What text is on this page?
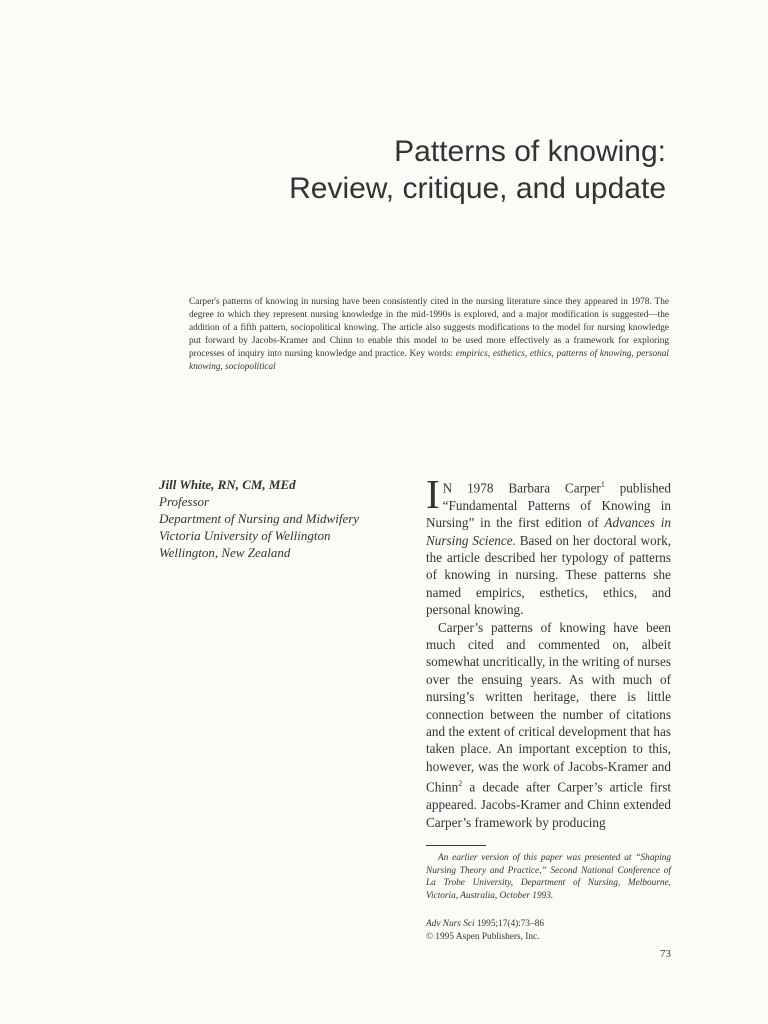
Patterns of knowing:
Review, critique, and update
Carper's patterns of knowing in nursing have been consistently cited in the nursing literature since they appeared in 1978. The degree to which they represent nursing knowledge in the mid-1990s is explored, and a major modification is suggested—the addition of a fifth pattern, sociopolitical knowing. The article also suggests modifications to the model for nursing knowledge put forward by Jacobs-Kramer and Chinn to enable this model to be used more effectively as a framework for exploring processes of inquiry into nursing knowledge and practice. Key words: empirics, esthetics, ethics, patterns of knowing, personal knowing, sociopolitical
Jill White, RN, CM, MEd
Professor
Department of Nursing and Midwifery
Victoria University of Wellington
Wellington, New Zealand

I N 1978 Barbara Carper$^1$ published “Fundamental Patterns of Knowing in Nursing” in the first edition of Advances in Nursing Science. Based on her doctoral work, the article described her typology of patterns of knowing in nursing. These patterns she named empirics, esthetics, ethics, and personal knowing.

Carper’s patterns of knowing have been much cited and commented on, albeit somewhat uncritically, in the writing of nurses over the ensuing years. As with much of nursing’s written heritage, there is little connection between the number of citations and the extent of critical development that has taken place. An important exception to this, however, was the work of Jacobs-Kramer and Chinn$^2$ a decade after Carper’s article first appeared. Jacobs-Kramer and Chinn extended Carper’s framework by producing

An earlier version of this paper was presented at “Shaping Nursing Theory and Practice,” Second National Conference of La Trobe University, Department of Nursing, Melbourne, Victoria, Australia, October 1993.
Adv Nurs Sci 1995;17(4):73–86
© 1995 Aspen Publishers, Inc.
73
